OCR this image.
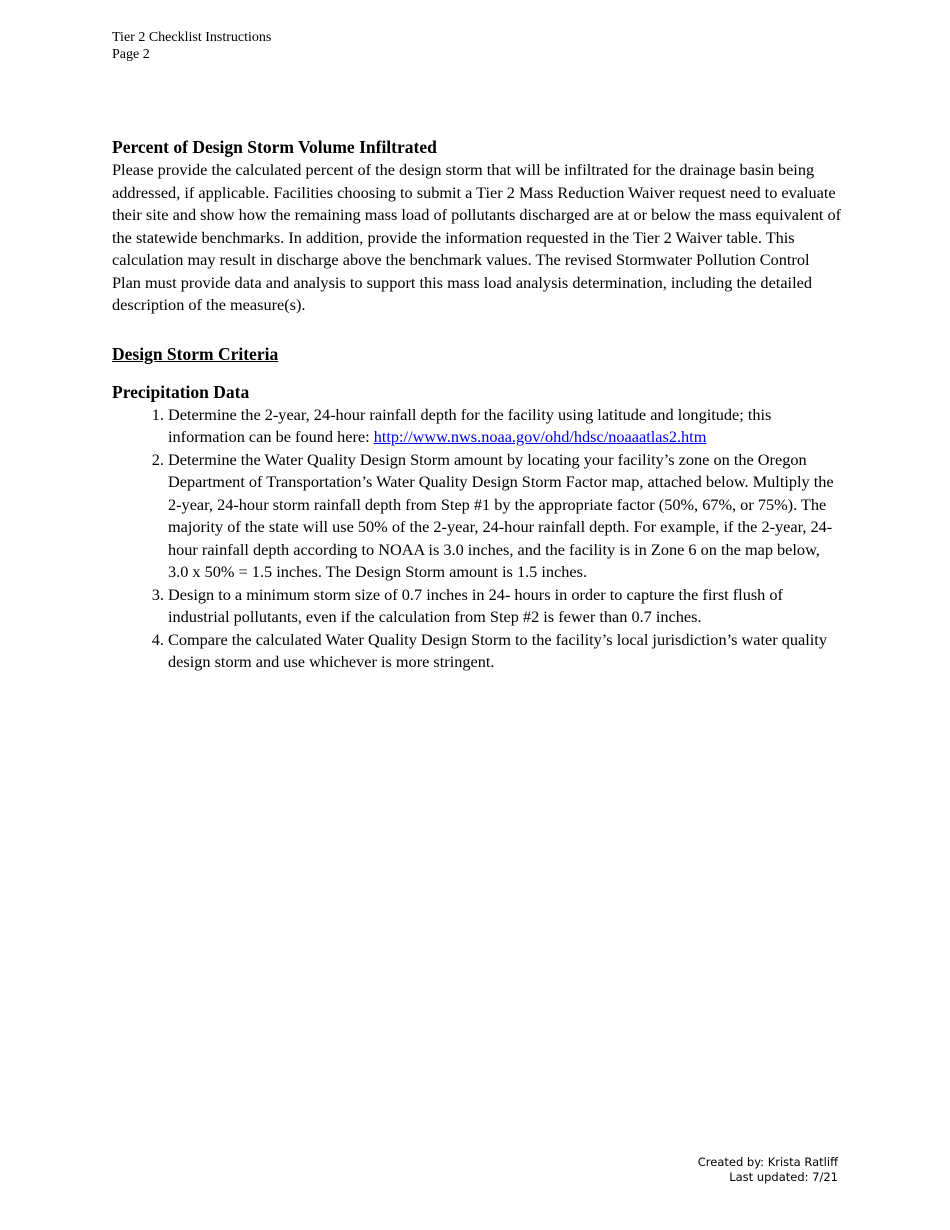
Tier 2 Checklist Instructions
Page 2
Percent of Design Storm Volume Infiltrated

Please provide the calculated percent of the design storm that will be infiltrated for the drainage basin being addressed, if applicable. Facilities choosing to submit a Tier 2 Mass Reduction Waiver request need to evaluate their site and show how the remaining mass load of pollutants discharged are at or below the mass equivalent of the statewide benchmarks. In addition, provide the information requested in the Tier 2 Waiver table. This calculation may result in discharge above the benchmark values. The revised Stormwater Pollution Control Plan must provide data and analysis to support this mass load analysis determination, including the detailed description of the measure(s).

Design Storm Criteria
Precipitation Data
1. Determine the 2-year, 24-hour rainfall depth for the facility using latitude and longitude; this information can be found here: http://www.nws.noaa.gov/ohd/hdsc/noaaatlas2.htm
2. Determine the Water Quality Design Storm amount by locating your facility’s zone on the Oregon Department of Transportation’s Water Quality Design Storm Factor map, attached below. Multiply the 2-year, 24-hour storm rainfall depth from Step #1 by the appropriate factor (50%, 67%, or 75%). The majority of the state will use 50% of the 2-year, 24-hour rainfall depth. For example, if the 2-year, 24-hour rainfall depth according to NOAA is 3.0 inches, and the facility is in Zone 6 on the map below, 3.0 x 50% = 1.5 inches. The Design Storm amount is 1.5 inches.
3. Design to a minimum storm size of 0.7 inches in 24- hours in order to capture the first flush of industrial pollutants, even if the calculation from Step #2 is fewer than 0.7 inches.
4. Compare the calculated Water Quality Design Storm to the facility’s local jurisdiction’s water quality design storm and use whichever is more stringent.
Created by: Krista Ratliff
Last updated: 7/21
